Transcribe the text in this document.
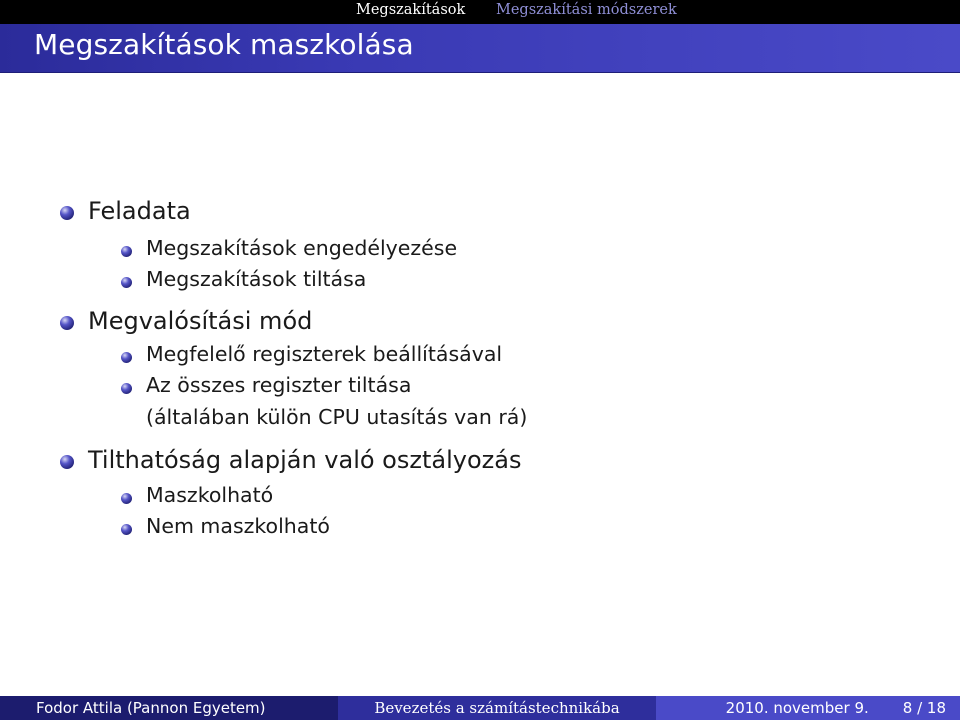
Megszakítások Megszakítási módszerek
Megszakítások maszkolása
Feladata
Megszakítások engedélyezése
Megszakítások tiltása
Megvalósítási mód
Megfelelő regiszterek beállításával
Az összes regiszter tiltása
(általában külön CPU utasítás van rá)
Tilthatóság alapján való osztályozás
Maszkolható
Nem maszkolható
Fodor Attila (Pannon Egyetem)	Bevezetés a számítástechnikába	2010. november 9. 8 / 18
